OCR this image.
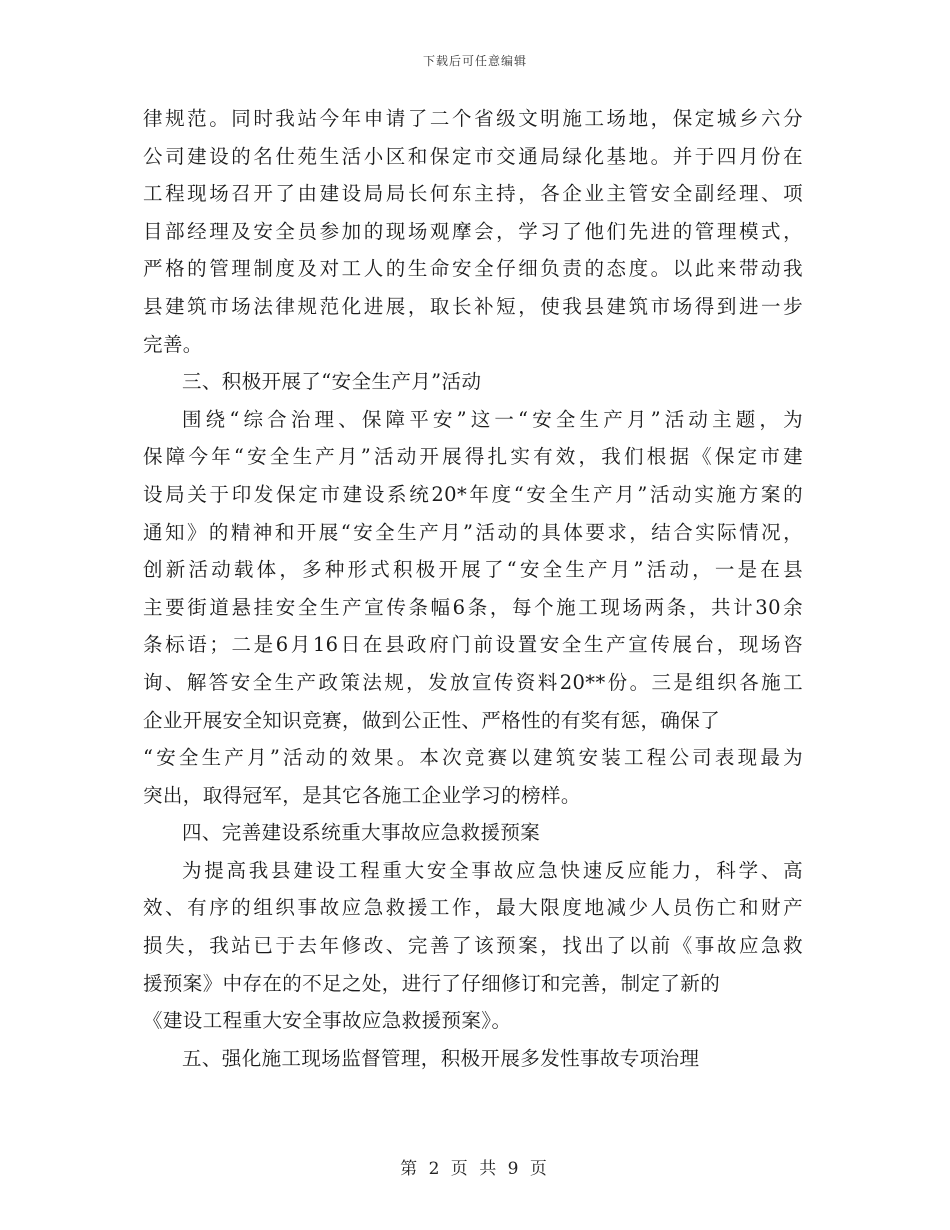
下载后可任意编辑
律规范。同时我站今年申请了二个省级文明施工场地，保定城乡六分
公司建设的名仕苑生活小区和保定市交通局绿化基地。并于四月份在
工程现场召开了由建设局局长何东主持，各企业主管安全副经理、项
目部经理及安全员参加的现场观摩会，学习了他们先进的管理模式，
严格的管理制度及对工人的生命安全仔细负责的态度。以此来带动我
县建筑市场法律规范化进展，取长补短，使我县建筑市场得到进一步
完善。
三、积极开展了“安全生产月”活动
围绕“综合治理、保障平安”这一“安全生产月”活动主题，为
保障今年“安全生产月”活动开展得扎实有效，我们根据《保定市建
设局关于印发保定市建设系统20*年度“安全生产月”活动实施方案的
通知》的精神和开展“安全生产月”活动的具体要求，结合实际情况，
创新活动载体，多种形式积极开展了“安全生产月”活动，一是在县
主要街道悬挂安全生产宣传条幅6条，每个施工现场两条，共计30余
条标语；二是6月16日在县政府门前设置安全生产宣传展台，现场咨
询、解答安全生产政策法规，发放宣传资料20**份。三是组织各施工
企业开展安全知识竞赛，做到公正性、严格性的有奖有惩，确保了
“安全生产月”活动的效果。本次竞赛以建筑安装工程公司表现最为
突出，取得冠军，是其它各施工企业学习的榜样。
四、完善建设系统重大事故应急救援预案
为提高我县建设工程重大安全事故应急快速反应能力，科学、高
效、有序的组织事故应急救援工作，最大限度地减少人员伤亡和财产
损失，我站已于去年修改、完善了该预案，找出了以前《事故应急救
援预案》中存在的不足之处，进行了仔细修订和完善，制定了新的
《建设工程重大安全事故应急救援预案》。
五、强化施工现场监督管理，积极开展多发性事故专项治理
第 2 页 共 9 页
